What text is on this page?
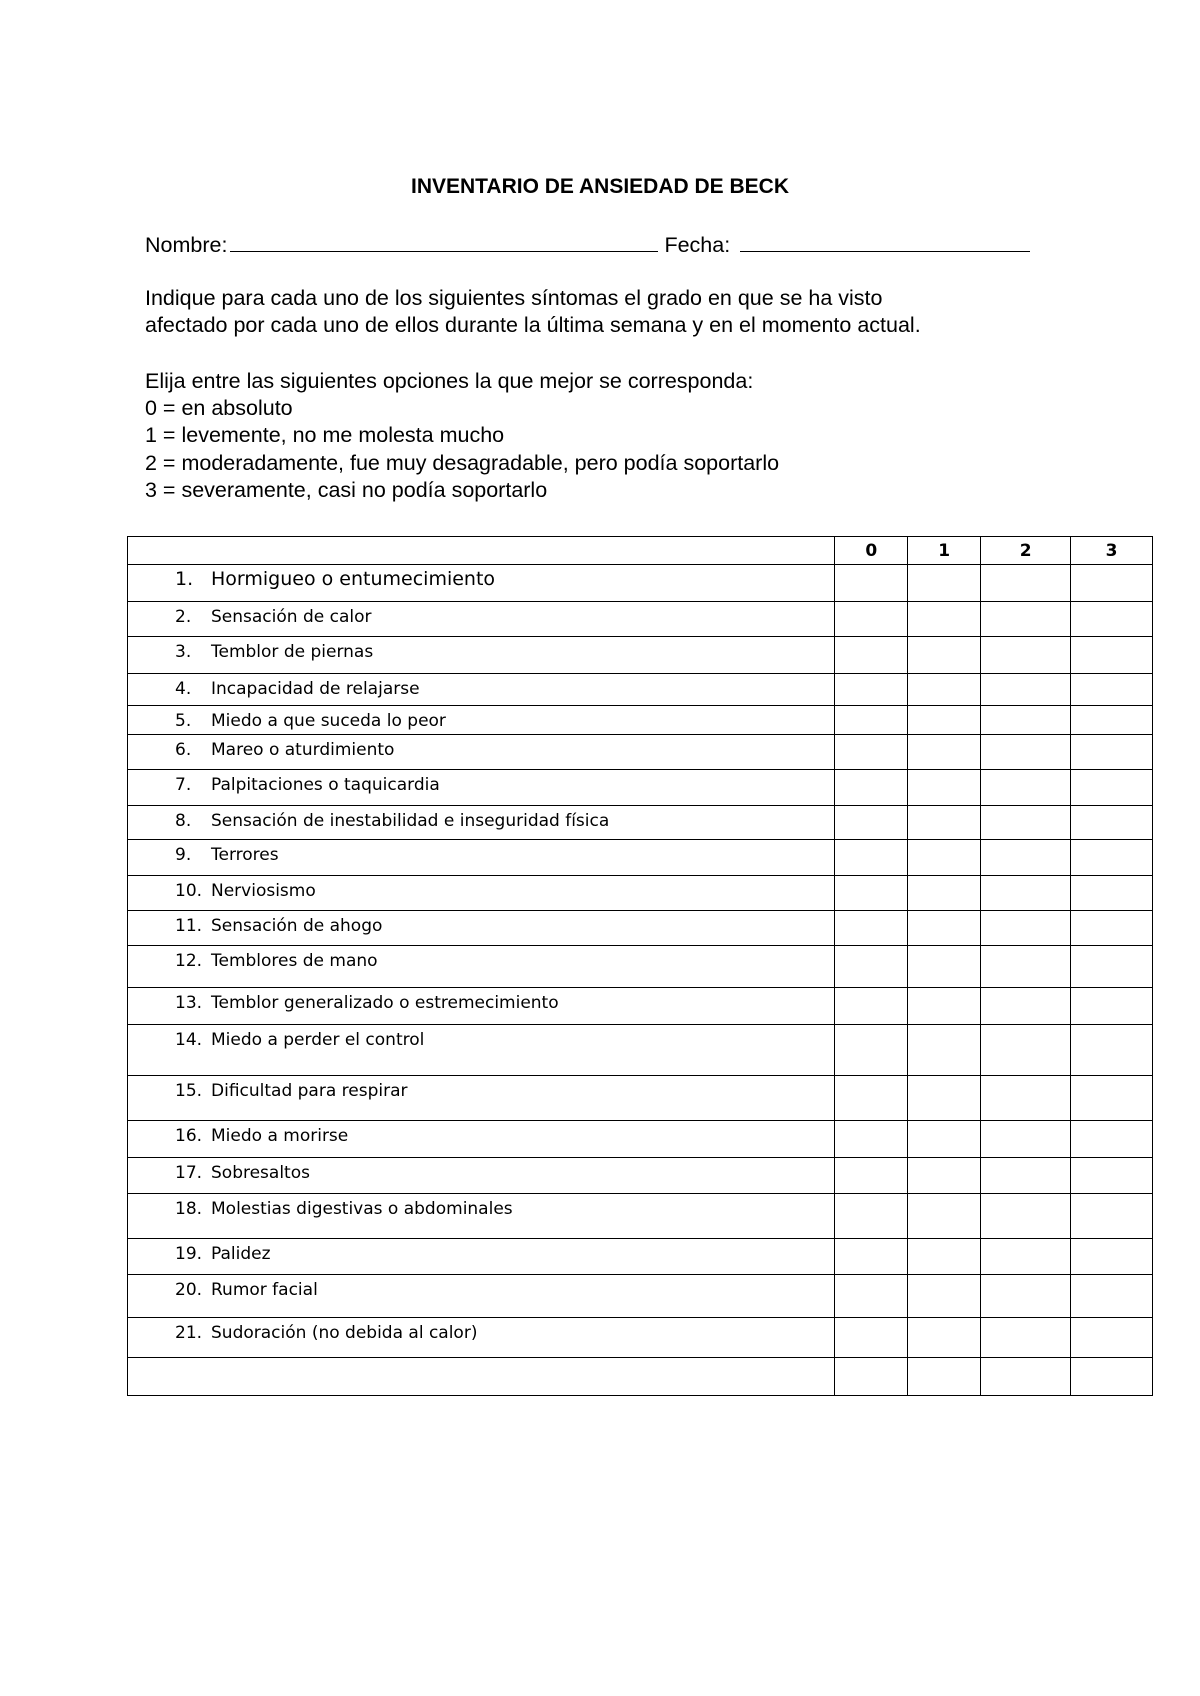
INVENTARIO DE ANSIEDAD DE BECK
Nombre:	Fecha:
Indique para cada uno de los siguientes síntomas el grado en que se ha visto
afectado por cada uno de ellos durante la última semana y en el momento actual.
Elija entre las siguientes opciones la que mejor se corresponda:
0 = en absoluto
1 = levemente, no me molesta mucho
2 = moderadamente, fue muy desagradable, pero podía soportarlo
3 = severamente, casi no podía soportarlo
	0	1	2	3

1. Hormigueo o entumecimiento				

2. Sensación de calor				

3. Temblor de piernas				

4. Incapacidad de relajarse				

5. Miedo a que suceda lo peor				

6. Mareo o aturdimiento				

7. Palpitaciones o taquicardia				

8. Sensación de inestabilidad e inseguridad física				

9. Terrores				

10. Nerviosismo				

11. Sensación de ahogo				

12. Temblores de mano				

13. Temblor generalizado o estremecimiento				

14. Miedo a perder el control				

15. Dificultad para respirar				

16. Miedo a morirse				

17. Sobresaltos				

18. Molestias digestivas o abdominales				

19. Palidez				

20. Rumor facial				

21. Sudoración (no debida al calor)				
